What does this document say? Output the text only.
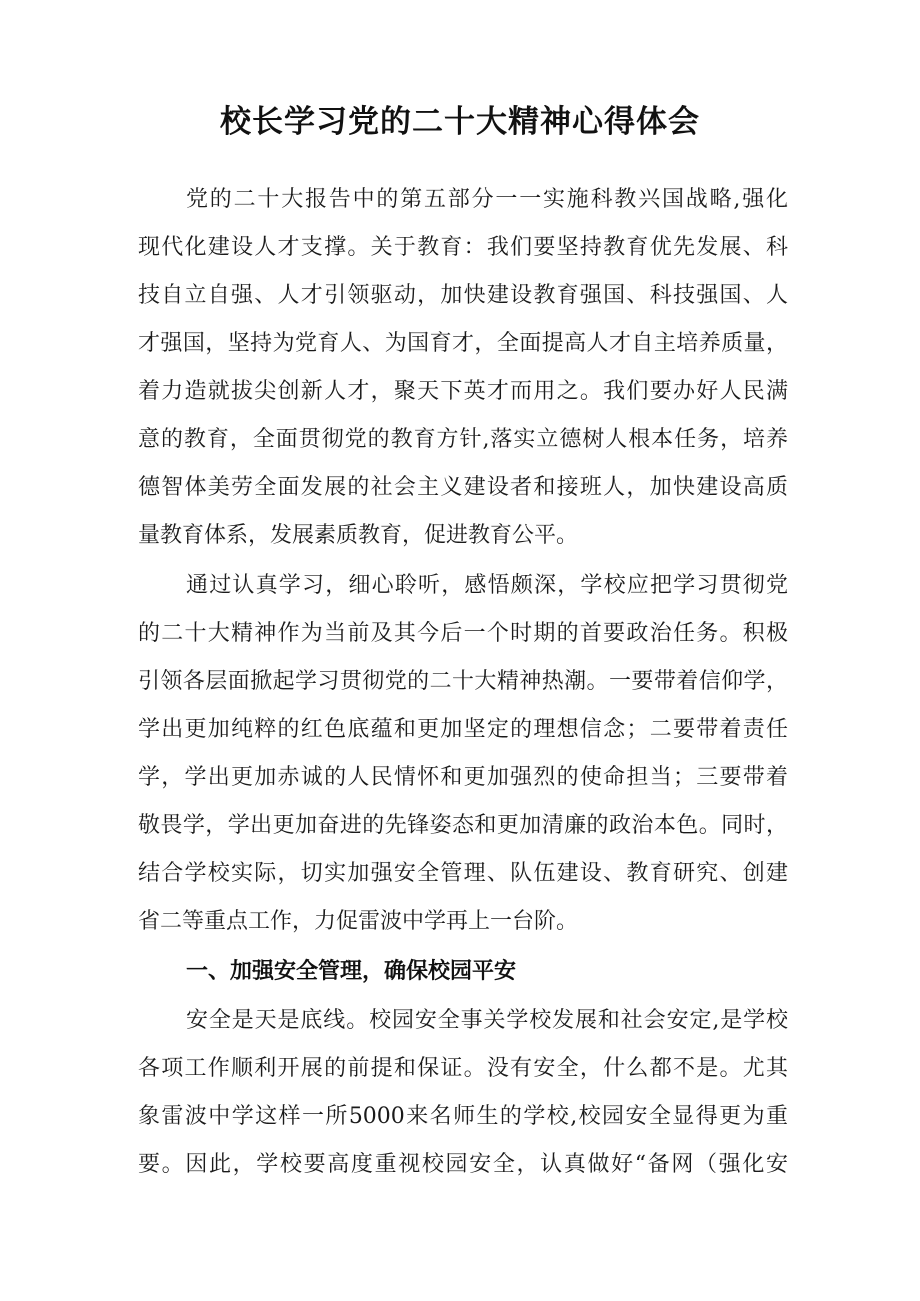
校长学习党的二十大精神心得体会
党的二十大报告中的第五部分一一实施科教兴国战略,强化
现代化建设人才支撑。关于教育：我们要坚持教育优先发展、科
技自立自强、人才引领驱动，加快建设教育强国、科技强国、人
才强国，坚持为党育人、为国育才，全面提高人才自主培养质量，
着力造就拔尖创新人才，聚天下英才而用之。我们要办好人民满
意的教育，全面贯彻党的教育方针,落实立德树人根本任务，培养
德智体美劳全面发展的社会主义建设者和接班人，加快建设高质
量教育体系，发展素质教育，促进教育公平。
通过认真学习，细心聆听，感悟颇深，学校应把学习贯彻党
的二十大精神作为当前及其今后一个时期的首要政治任务。积极
引领各层面掀起学习贯彻党的二十大精神热潮。一要带着信仰学，
学出更加纯粹的红色底蕴和更加坚定的理想信念；二要带着责任
学，学出更加赤诚的人民情怀和更加强烈的使命担当；三要带着
敬畏学，学出更加奋进的先锋姿态和更加清廉的政治本色。同时，
结合学校实际，切实加强安全管理、队伍建设、教育研究、创建
省二等重点工作，力促雷波中学再上一台阶。
一、加强安全管理，确保校园平安
安全是天是底线。校园安全事关学校发展和社会安定,是学校
各项工作顺利开展的前提和保证。没有安全，什么都不是。尤其
象雷波中学这样一所5000来名师生的学校,校园安全显得更为重
要。因此，学校要高度重视校园安全，认真做好“备网（强化安
